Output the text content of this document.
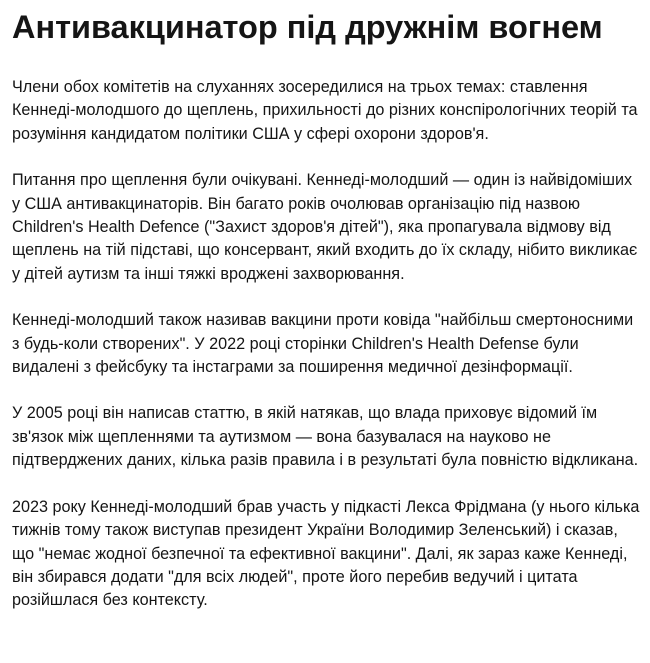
Антивакцинатор під дружнім вогнем

Члени обох комітетів на слуханнях зосередилися на трьох темах: ставлення Кеннеді-молодшого до щеплень, прихильності до різних конспірологічних теорій та розуміння кандидатом політики США у сфері охорони здоров'я.

Питання про щеплення були очікувані. Кеннеді-молодший — один із найвідоміших у США антивакцинаторів. Він багато років очолював організацію під назвою Children's Health Defence ("Захист здоров'я дітей"), яка пропагувала відмову від щеплень на тій підставі, що консервант, який входить до їх складу, нібито викликає у дітей аутизм та інші тяжкі вроджені захворювання.

Кеннеді-молодший також називав вакцини проти ковіда "найбільш смертоносними з будь-коли створених". У 2022 році сторінки Children's Health Defense були видалені з фейсбуку та інстаграми за поширення медичної дезінформації.

У 2005 році він написав статтю, в якій натякав, що влада приховує відомий їм зв'язок між щепленнями та аутизмом — вона базувалася на науково не підтверджених даних, кілька разів правила і в результаті була повністю відкликана.

2023 року Кеннеді-молодший брав участь у підкасті Лекса Фрідмана (у нього кілька тижнів тому також виступав президент України Володимир Зеленський) і сказав, що "немає жодної безпечної та ефективної вакцини". Далі, як зараз каже Кеннеді, він збирався додати "для всіх людей", проте його перебив ведучий і цитата розійшлася без контексту.
